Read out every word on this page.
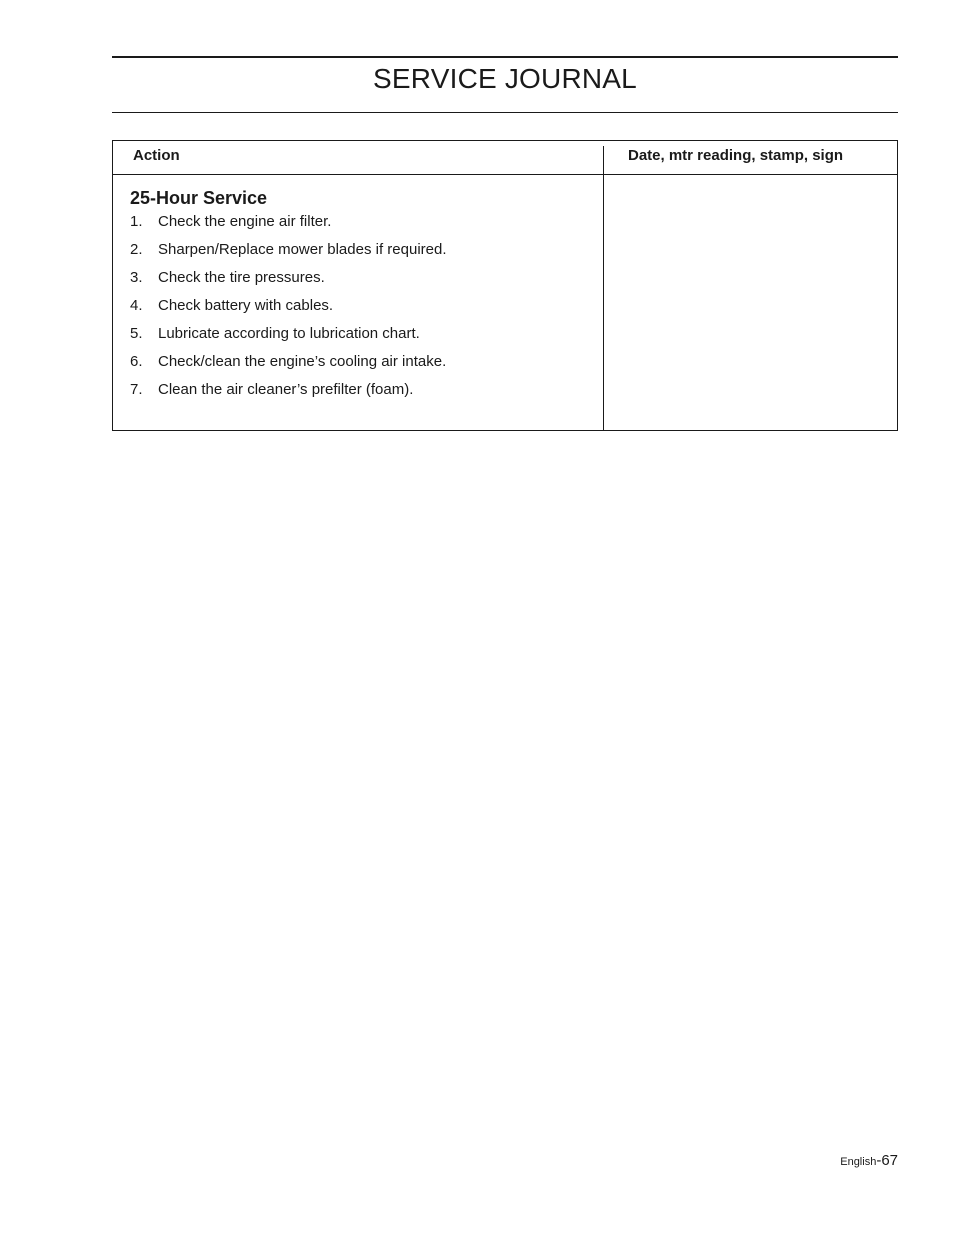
SERVICE JOURNAL
Action	Date, mtr reading, stamp, sign
25-Hour Service
1.	Check the engine air filter.
2.	Sharpen/Replace mower blades if required.
3.	Check the tire pressures.
4.	Check battery with cables.
5.	Lubricate according to lubrication chart.
6.	Check/clean the engine’s cooling air intake.
7.	Clean the air cleaner’s prefilter (foam).
English-67
